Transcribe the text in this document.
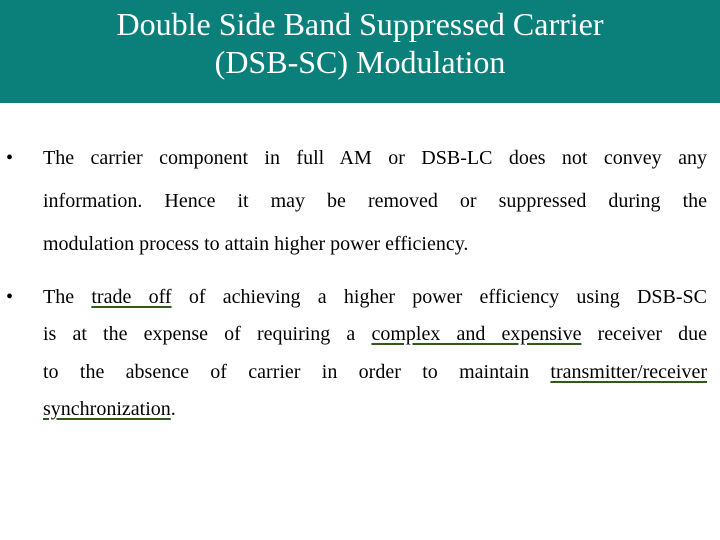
Double Side Band Suppressed Carrier
(DSB-SC) Modulation
• The carrier component in full AM or DSB-LC does not convey any
information. Hence it may be removed or suppressed during the
modulation process to attain higher power efficiency.
• The trade off of achieving a higher power efficiency using DSB-SC
is at the expense of requiring a complex and expensive receiver due
to the absence of carrier in order to maintain transmitter/receiver
synchronization.
